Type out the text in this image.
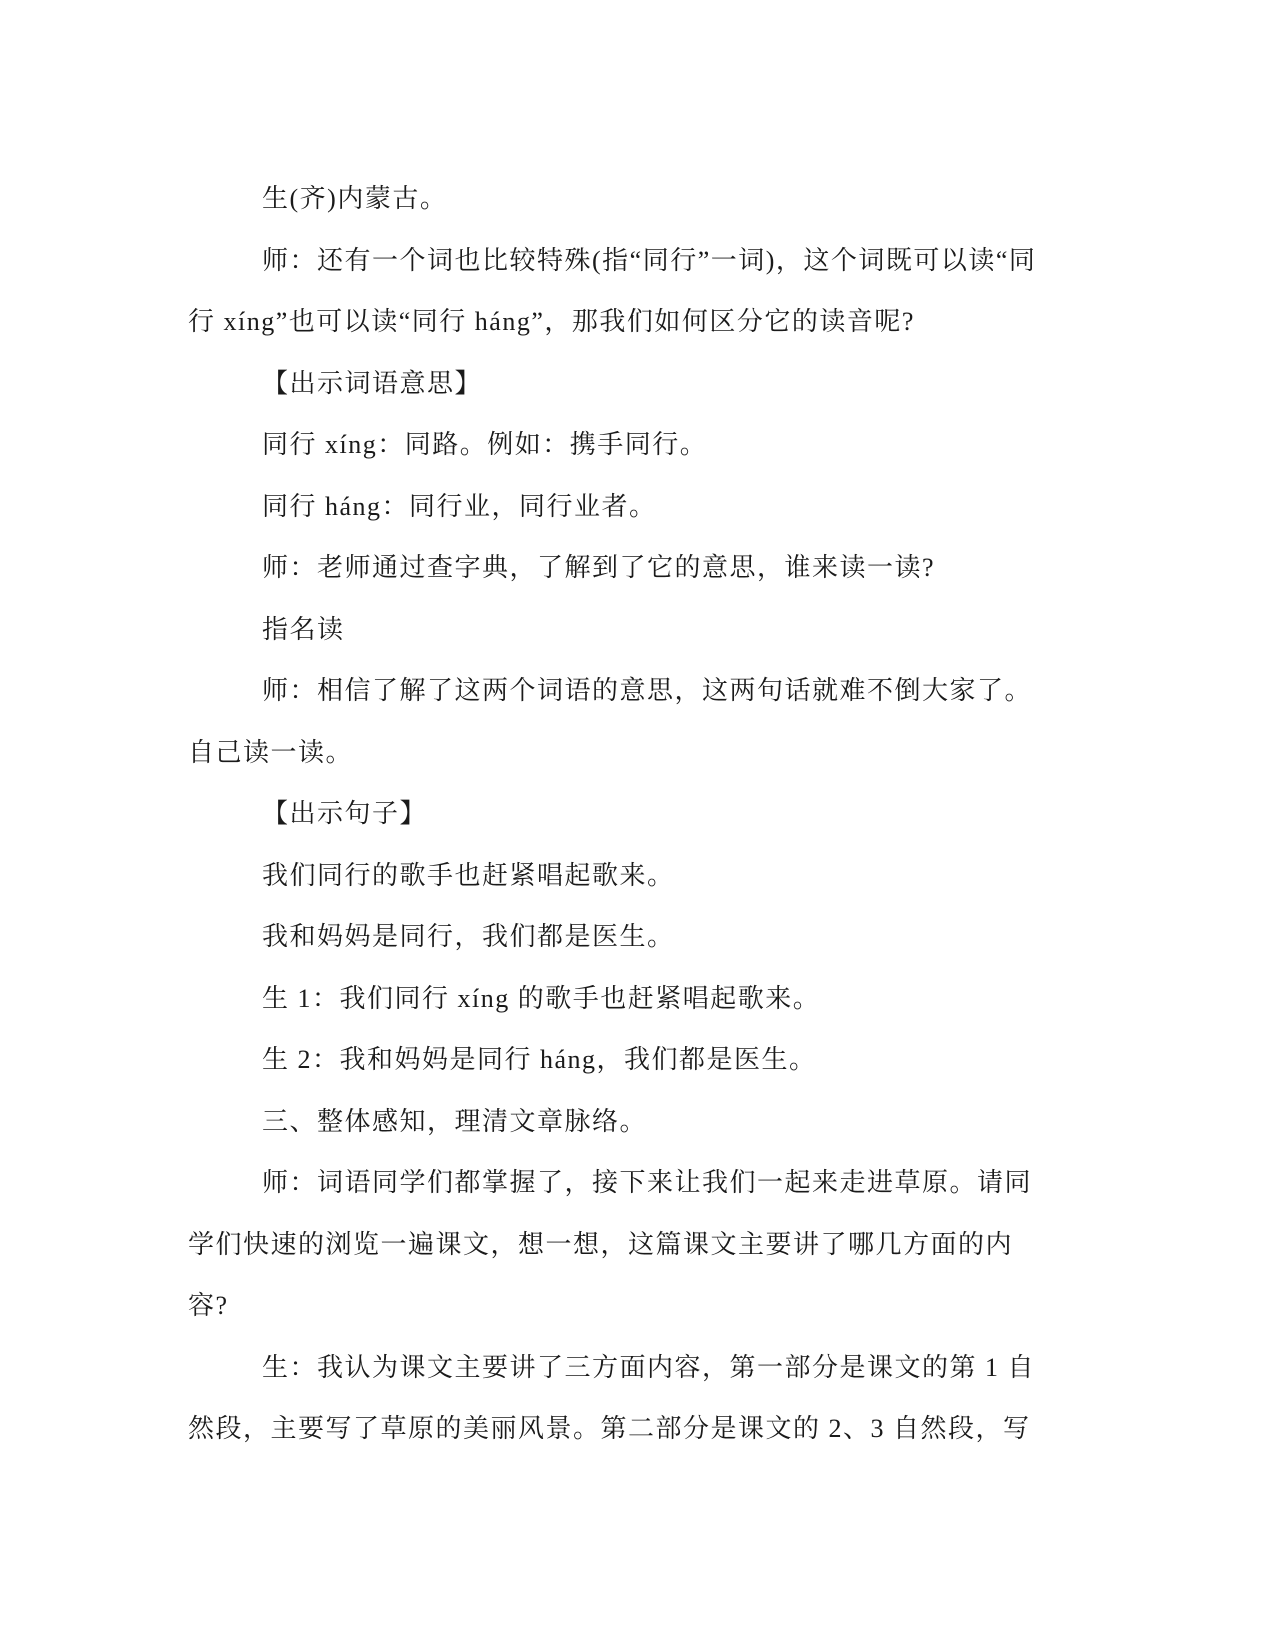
生(齐)内蒙古。
师：还有一个词也比较特殊(指“同行”一词)，这个词既可以读“同
行 xíng”也可以读“同行 háng”，那我们如何区分它的读音呢?
【出示词语意思】
同行 xíng：同路。例如：携手同行。
同行 háng：同行业，同行业者。
师：老师通过查字典，了解到了它的意思，谁来读一读?
指名读
师：相信了解了这两个词语的意思，这两句话就难不倒大家了。
自己读一读。
【出示句子】
我们同行的歌手也赶紧唱起歌来。
我和妈妈是同行，我们都是医生。
生 1：我们同行 xíng 的歌手也赶紧唱起歌来。
生 2：我和妈妈是同行 háng，我们都是医生。
三、整体感知，理清文章脉络。
师：词语同学们都掌握了，接下来让我们一起来走进草原。请同
学们快速的浏览一遍课文，想一想，这篇课文主要讲了哪几方面的内
容?
生：我认为课文主要讲了三方面内容，第一部分是课文的第 1 自
然段，主要写了草原的美丽风景。第二部分是课文的 2、3 自然段，写
